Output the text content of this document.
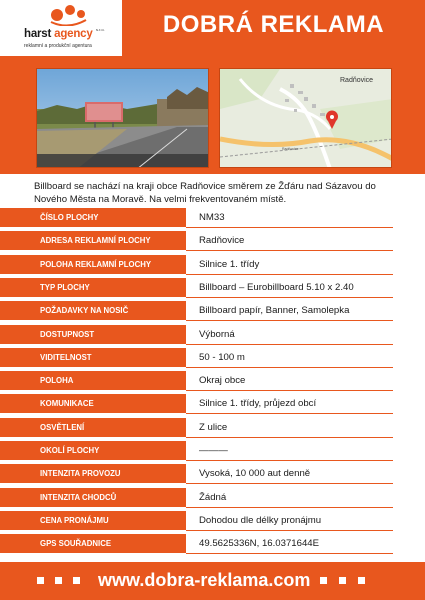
s.r.o.
harst agency
reklamní a produkční agentura
DOBRÁ REKLAMA
Radňovice
Radňovice
Billboard se nachází na kraji obce Radňovice směrem ze Žďáru nad Sázavou do Nového Města na Moravě. Na velmi frekventovaném místě.
ČÍSLO PLOCHY	NM33
ADRESA REKLAMNÍ PLOCHY	Radňovice
POLOHA REKLAMNÍ PLOCHY	Silnice 1. třídy
TYP PLOCHY	Billboard – Eurobillboard 5.10 x 2.40
POŽADAVKY NA NOSIČ	Billboard papír, Banner, Samolepka
DOSTUPNOST	Výborná
VIDITELNOST	50 - 100 m
POLOHA	Okraj obce
KOMUNIKACE	Silnice 1. třídy, průjezd obcí
OSVĚTLENÍ	Z ulice
OKOLÍ PLOCHY	———
INTENZITA PROVOZU	Vysoká, 10 000 aut denně
INTENZITA CHODCŮ	Žádná
CENA PRONÁJMU	Dohodou dle délky pronájmu
GPS SOUŘADNICE	49.5625336N, 16.0371644E
www.dobra-reklama.com
